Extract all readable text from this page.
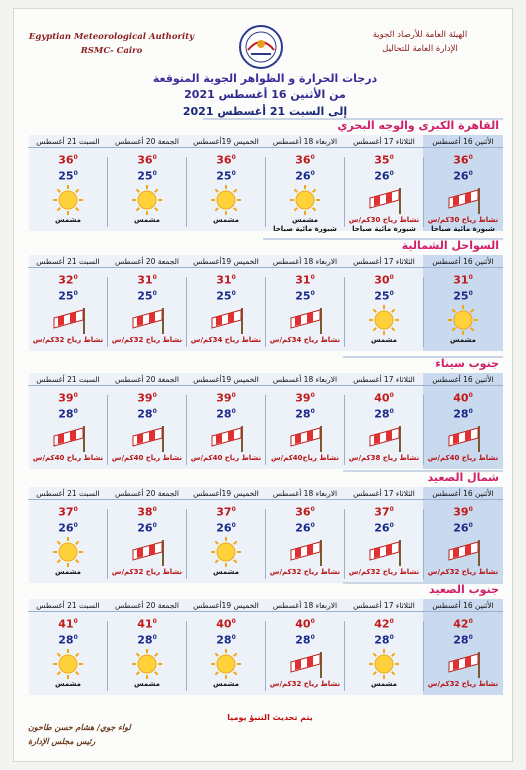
Egyptian Meteorological Authority
RSMC- Cairo
الهيئة العامة للأرصاد الجوية
الإدارة العامة للتحاليل
درجات الحرارة و الظواهر الجوية المتوقعة
من الأثنين 16 أغسطس 2021
إلى السبت 21 أغسطس 2021
القاهرة الكبرى والوجه البحري
الأثنين 16 أغسطس
$36^0$
$26^0$
نشاط رياح 30كم/س
شبورة مائية صباحا
الثلاثاء 17 أغسطس
$35^0$
$26^0$
نشاط رياح 30كم/س
شبورة مائية صباحا
الاربعاء 18 أغسطس
$36^0$
$26^0$
مشمس
شبورة مائية صباحا
الخميس 19أغسطس
$36^0$
$25^0$
مشمس
الجمعة 20 أغسطس
$36^0$
$25^0$
مشمس
السبت 21 أغسطس
$36^0$
$25^0$
مشمس
السواحل الشمالية
الأثنين 16 أغسطس
$31^0$
$25^0$
مشمس
الثلاثاء 17 أغسطس
$30^0$
$25^0$
مشمس
الاربعاء 18 أغسطس
$31^0$
$25^0$
نشاط رياح 34كم/س
الخميس 19أغسطس
$31^0$
$25^0$
نشاط رياح 34كم/س
الجمعة 20 أغسطس
$31^0$
$25^0$
نشاط رياح 32كم/س
السبت 21 أغسطس
$32^0$
$25^0$
نشاط رياح 32كم/س
جنوب سيناء
الأثنين 16 أغسطس
$40^0$
$28^0$
نشاط رياح 40كم/س
الثلاثاء 17 أغسطس
$40^0$
$28^0$
نشاط رياح 38كم/س
الاربعاء 18 أغسطس
$39^0$
$28^0$
نشاط رياح40كم/س
الخميس 19أغسطس
$39^0$
$28^0$
نشاط رياح 40كم/س
الجمعة 20 أغسطس
$39^0$
$28^0$
نشاط رياح 40كم/س
السبت 21 أغسطس
$39^0$
$28^0$
نشاط رياح 40كم/س
شمال الصعيد
الأثنين 16 أغسطس
$39^0$
$26^0$
نشاط رياح 32كم/س
الثلاثاء 17 أغسطس
$37^0$
$26^0$
نشاط رياح 32كم/س
الاربعاء 18 أغسطس
$36^0$
$26^0$
نشاط رياح 32كم/س
الخميس 19أغسطس
$37^0$
$26^0$
مشمس
الجمعة 20 أغسطس
$38^0$
$26^0$
نشاط رياح 32كم/س
السبت 21 أغسطس
$37^0$
$26^0$
مشمس
جنوب الصعيد
الأثنين 16 أغسطس
$42^0$
$28^0$
نشاط رياح 32كم/س
الثلاثاء 17 أغسطس
$42^0$
$28^0$
مشمس
الاربعاء 18 أغسطس
$40^0$
$28^0$
نشاط رياح 32كم/س
الخميس 19أغسطس
$40^0$
$28^0$
مشمس
الجمعة 20 أغسطس
$41^0$
$28^0$
مشمس
السبت 21 أغسطس
$41^0$
$28^0$
مشمس
يتم تحديث التنبؤ يوميا
لواء جوي/ هشام حسن طاحون
رئيس مجلس الإدارة
